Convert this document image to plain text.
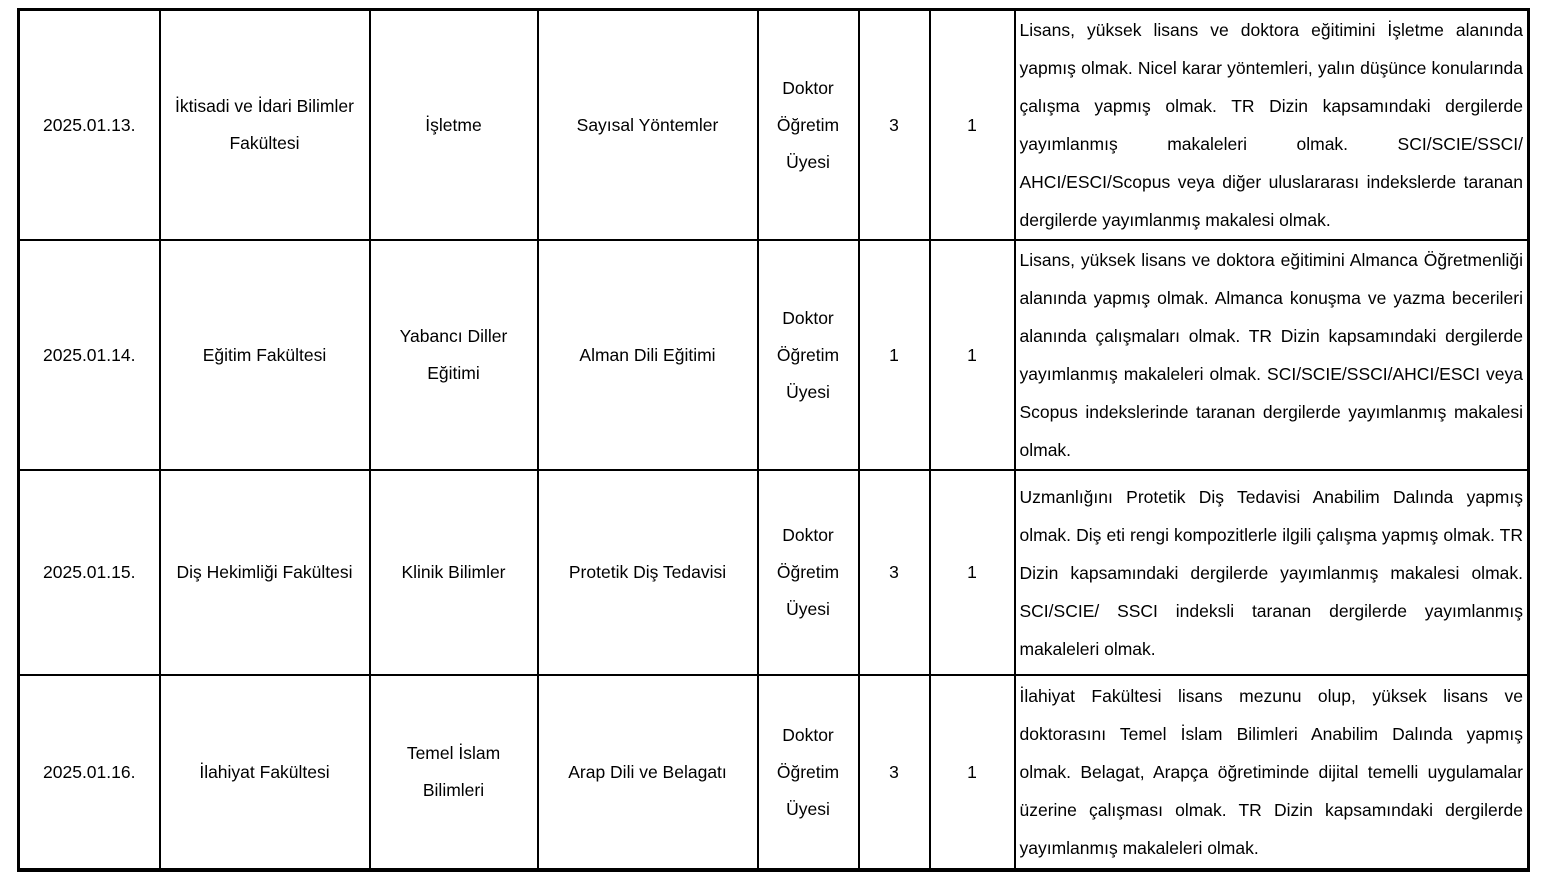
2025.01.13.	İktisadi ve İdari Bilimler Fakültesi	İşletme	Sayısal Yöntemler	Doktor Öğretim Üyesi	3	1	Lisans, yüksek lisans ve doktora eğitimini İşletme alanında yapmış olmak. Nicel karar yöntemleri, yalın düşünce konularında çalışma yapmış olmak. TR Dizin kapsamındaki dergilerde yayımlanmış makaleleri olmak. SCI/SCIE/SSCI/ AHCI/ESCI/Scopus veya diğer uluslararası indekslerde taranan dergilerde yayımlanmış makalesi olmak.
2025.01.14.	Eğitim Fakültesi	Yabancı Diller Eğitimi	Alman Dili Eğitimi	Doktor Öğretim Üyesi	1	1	Lisans, yüksek lisans ve doktora eğitimini Almanca Öğretmenliği alanında yapmış olmak. Almanca konuşma ve yazma becerileri alanında çalışmaları olmak. TR Dizin kapsamındaki dergilerde yayımlanmış makaleleri olmak. SCI/SCIE/SSCI/AHCI/ESCI veya Scopus indekslerinde taranan dergilerde yayımlanmış makalesi olmak.
2025.01.15.	Diş Hekimliği Fakültesi	Klinik Bilimler	Protetik Diş Tedavisi	Doktor Öğretim Üyesi	3	1	Uzmanlığını Protetik Diş Tedavisi Anabilim Dalında yapmış olmak. Diş eti rengi kompozitlerle ilgili çalışma yapmış olmak. TR Dizin kapsamındaki dergilerde yayımlanmış makalesi olmak. SCI/SCIE/ SSCI indeksli taranan dergilerde yayımlanmış makaleleri olmak.
2025.01.16.	İlahiyat Fakültesi	Temel İslam Bilimleri	Arap Dili ve Belagatı	Doktor Öğretim Üyesi	3	1	İlahiyat Fakültesi lisans mezunu olup, yüksek lisans ve doktorasını Temel İslam Bilimleri Anabilim Dalında yapmış olmak. Belagat, Arapça öğretiminde dijital temelli uygulamalar üzerine çalışması olmak. TR Dizin kapsamındaki dergilerde yayımlanmış makaleleri olmak.
